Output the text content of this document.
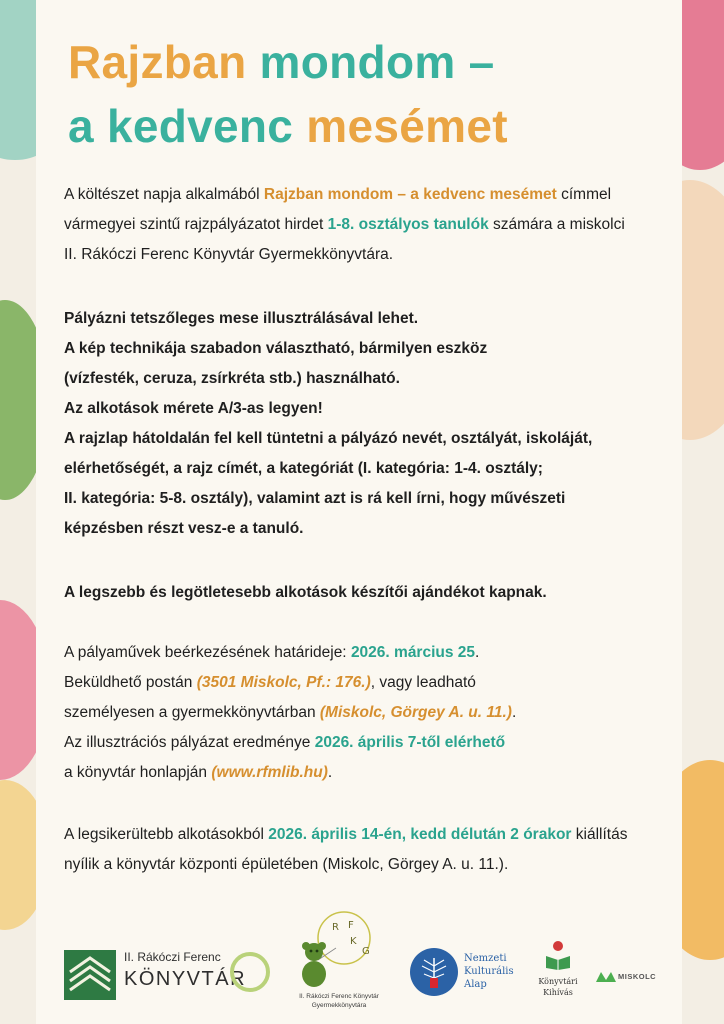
Rajzban mondom –
a kedvenc mesémet

A költészet napja alkalmából Rajzban mondom – a kedvenc mesémet címmel vármegyei szintű rajzpályázatot hirdet 1-8. osztályos tanulók számára a miskolci II. Rákóczi Ferenc Könyvtár Gyermekkönyvtára.

Pályázni tetszőleges mese illusztrálásával lehet.
A kép technikája szabadon választható, bármilyen eszköz
(vízfesték, ceruza, zsírkréta stb.) használható.
Az alkotások mérete A/3-as legyen!
A rajzlap hátoldalán fel kell tüntetni a pályázó nevét, osztályát, iskoláját,
elérhetőségét, a rajz címét, a kategóriát (I. kategória: 1-4. osztály;
II. kategória: 5-8. osztály), valamint azt is rá kell írni, hogy művészeti
képzésben részt vesz-e a tanuló.

A legszebb és legötletesebb alkotások készítői ajándékot kapnak.

A pályaművek beérkezésének határideje: 2026. március 25.
Beküldhető postán (3501 Miskolc, Pf.: 176.), vagy leadható
személyesen a gyermekkönyvtárban (Miskolc, Görgey A. u. 11.).
Az illusztrációs pályázat eredménye 2026. április 7-től elérhető
a könyvtár honlapján (www.rfmlib.hu).

A legsikerültebb alkotásokból 2026. április 14-én, kedd délután 2 órakor kiállítás nyílik a könyvtár központi épületében (Miskolc, Görgey A. u. 11.).

II. Rákóczi Ferenc
KÖNYVTÁR
R F
K
G
II. Rákóczi Ferenc Könyvtár
Gyermekkönyvtára
Nemzeti
Kulturális
Alap	Könyvtári
Kihívás
MISKOLC
